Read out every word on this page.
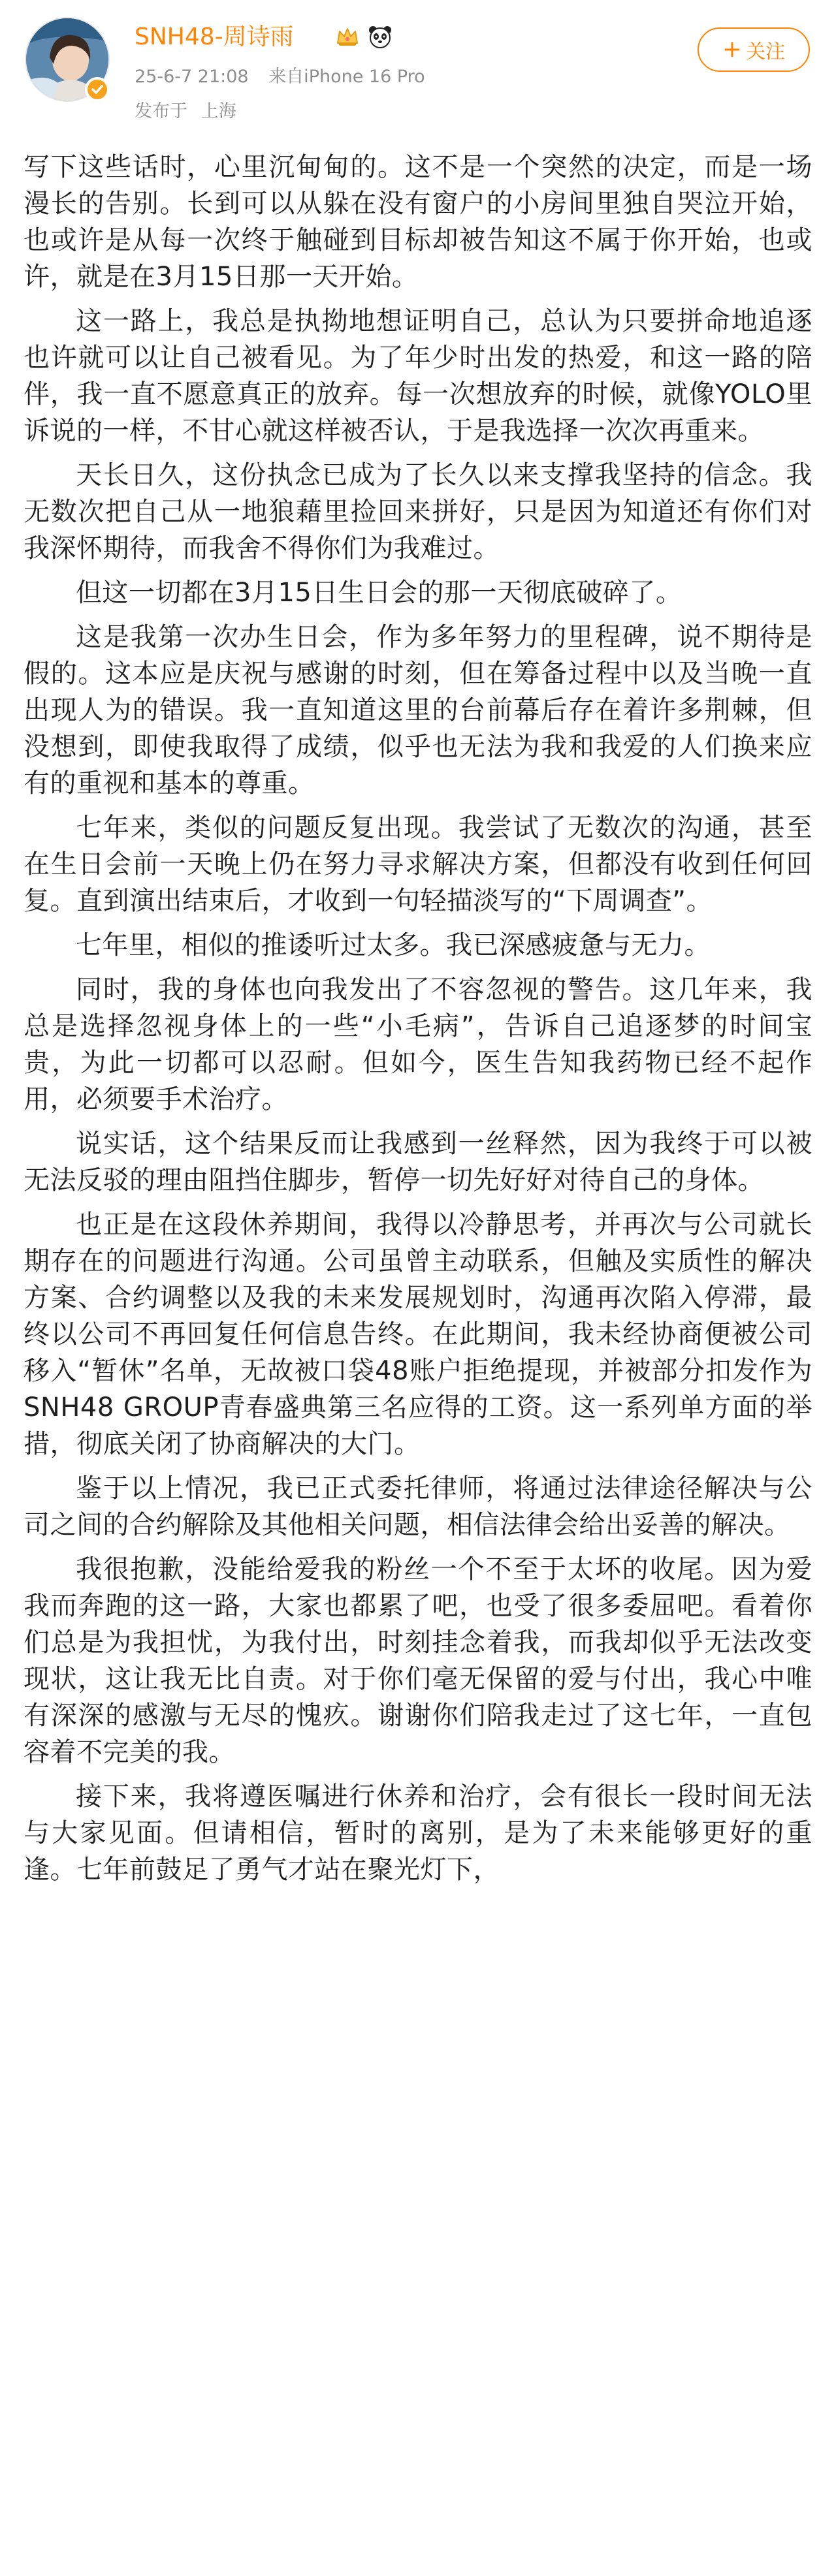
SNH48-周诗雨
25-6-7 21:08 来自iPhone 16 Pro
发布于 上海
+ 关注

写下这些话时，心里沉甸甸的。这不是一个突然的决定，而是一场漫长的告别。长到可以从躲在没有窗户的小房间里独自哭泣开始，也或许是从每一次终于触碰到目标却被告知这不属于你开始，也或许，就是在3月15日那一天开始。

这一路上，我总是执拗地想证明自己，总认为只要拼命地追逐也许就可以让自己被看见。为了年少时出发的热爱，和这一路的陪伴，我一直不愿意真正的放弃。每一次想放弃的时候，就像YOLO里诉说的一样，不甘心就这样被否认，于是我选择一次次再重来。

天长日久，这份执念已成为了长久以来支撑我坚持的信念。我无数次把自己从一地狼藉里捡回来拼好，只是因为知道还有你们对我深怀期待，而我舍不得你们为我难过。

但这一切都在3月15日生日会的那一天彻底破碎了。

这是我第一次办生日会，作为多年努力的里程碑，说不期待是假的。这本应是庆祝与感谢的时刻，但在筹备过程中以及当晚一直出现人为的错误。我一直知道这里的台前幕后存在着许多荆棘，但没想到，即使我取得了成绩，似乎也无法为我和我爱的人们换来应有的重视和基本的尊重。

七年来，类似的问题反复出现。我尝试了无数次的沟通，甚至在生日会前一天晚上仍在努力寻求解决方案，但都没有收到任何回复。直到演出结束后，才收到一句轻描淡写的“下周调查”。

七年里，相似的推诿听过太多。我已深感疲惫与无力。

同时，我的身体也向我发出了不容忽视的警告。这几年来，我总是选择忽视身体上的一些“小毛病”，告诉自己追逐梦的时间宝贵，为此一切都可以忍耐。但如今，医生告知我药物已经不起作用，必须要手术治疗。

说实话，这个结果反而让我感到一丝释然，因为我终于可以被无法反驳的理由阻挡住脚步，暂停一切先好好对待自己的身体。

也正是在这段休养期间，我得以冷静思考，并再次与公司就长期存在的问题进行沟通。公司虽曾主动联系，但触及实质性的解决方案、合约调整以及我的未来发展规划时，沟通再次陷入停滞，最终以公司不再回复任何信息告终。在此期间，我未经协商便被公司移入“暂休”名单，无故被口袋48账户拒绝提现，并被部分扣发作为SNH48 GROUP青春盛典第三名应得的工资。这一系列单方面的举措，彻底关闭了协商解决的大门。

鉴于以上情况，我已正式委托律师，将通过法律途径解决与公司之间的合约解除及其他相关问题，相信法律会给出妥善的解决。

我很抱歉，没能给爱我的粉丝一个不至于太坏的收尾。因为爱我而奔跑的这一路，大家也都累了吧，也受了很多委屈吧。看着你们总是为我担忧，为我付出，时刻挂念着我，而我却似乎无法改变现状，这让我无比自责。对于你们毫无保留的爱与付出，我心中唯有深深的感激与无尽的愧疚。谢谢你们陪我走过了这七年，一直包容着不完美的我。

接下来，我将遵医嘱进行休养和治疗，会有很长一段时间无法与大家见面。但请相信，暂时的离别，是为了未来能够更好的重逢。七年前鼓足了勇气才站在聚光灯下，
